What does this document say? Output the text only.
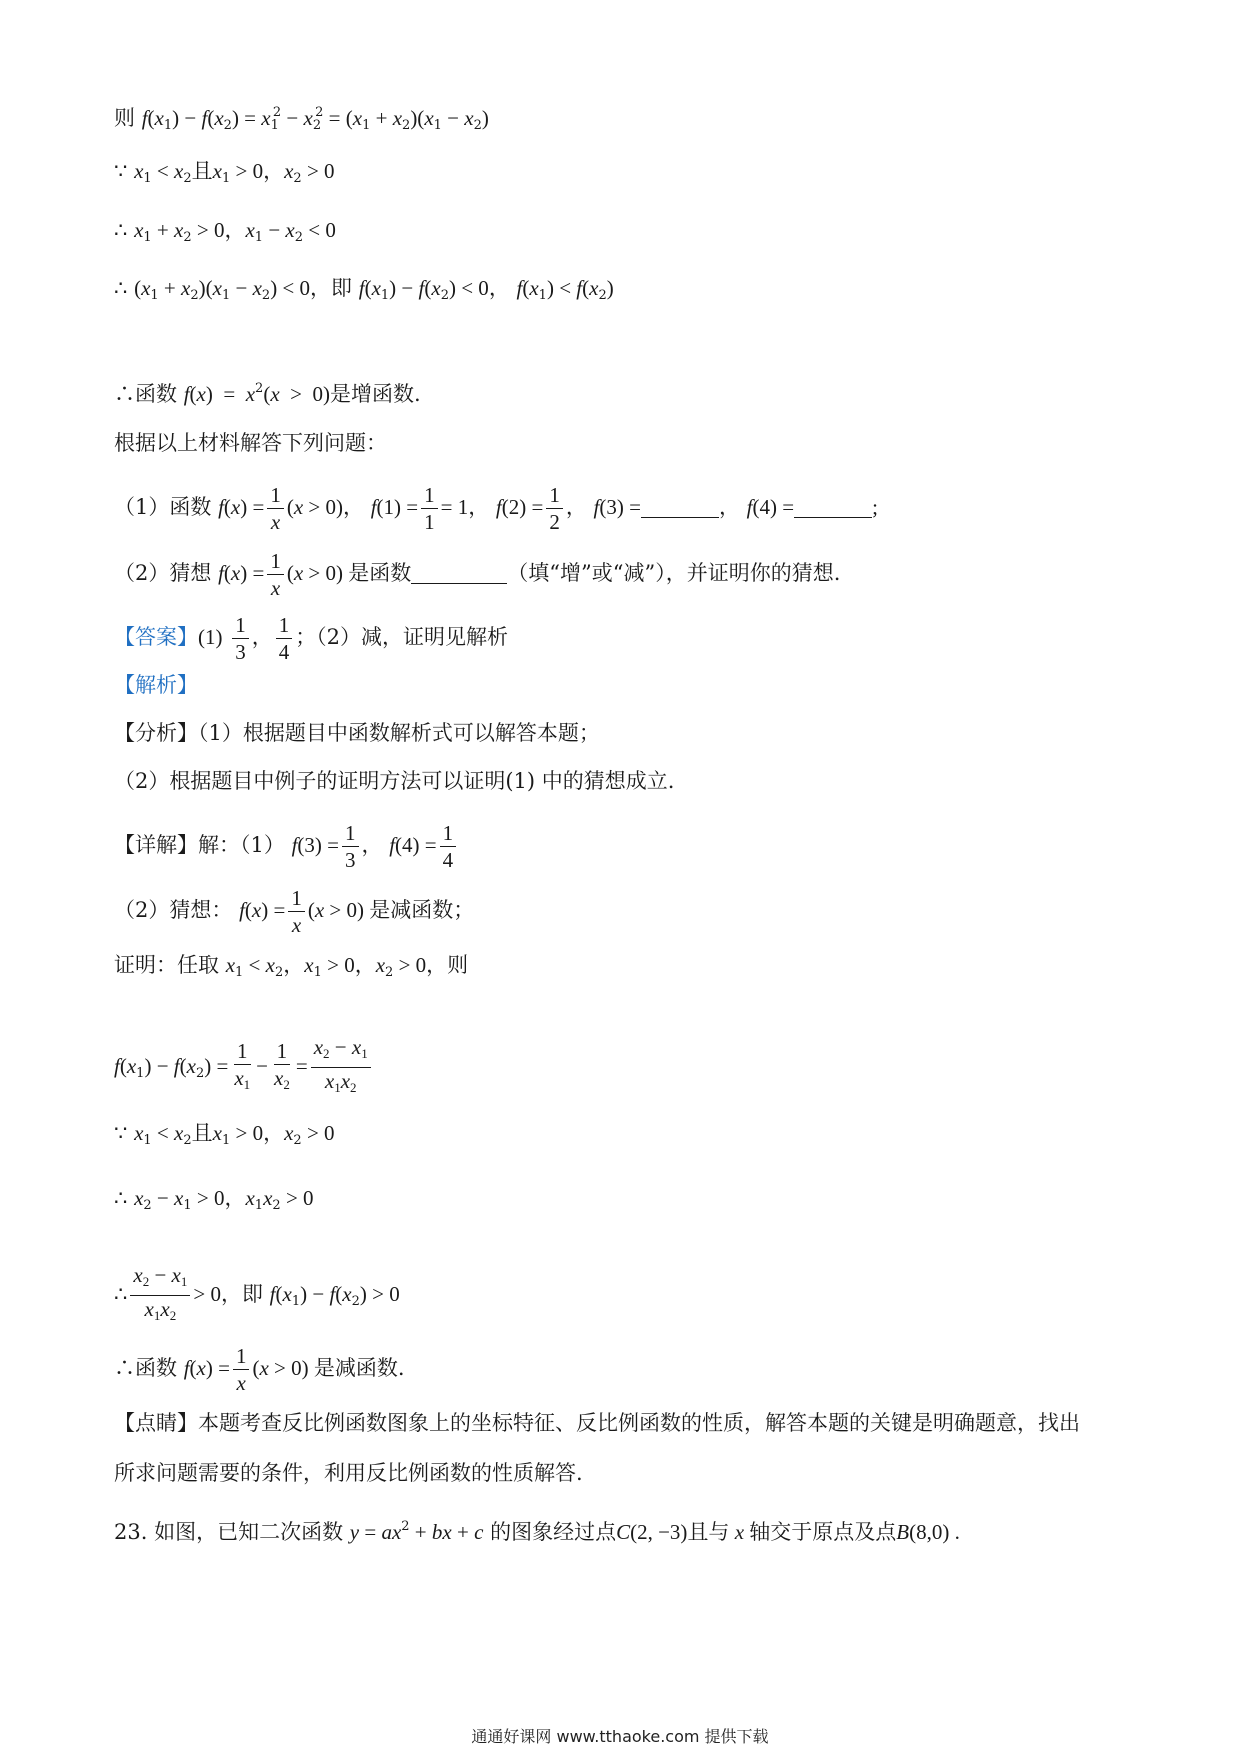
则 $f(x_1) - f(x_2) = x_1^2 - x_2^2 = (x_1 + x_2)(x_1 - x_2)$
∵ $x_1 < x_2$且$x_1 > 0$，$x_2 > 0$
∴ $x_1 + x_2 > 0$，$x_1 - x_2 < 0$
∴ $(x_1 + x_2)(x_1 - x_2) < 0$，即 $f(x_1) - f(x_2) < 0$， $f(x_1) < f(x_2)$
∴函数 $f(x) = x^2(x > 0)$是增函数.
根据以上材料解答下列问题：
（1）函数 $f(x) = \frac{1}{x} (x > 0)$， $f(1) = \frac{1}{1} = 1$， $f(2) = \frac{1}{2}$ ， f(3) =	， f(4) =	;
（2）猜想 $f(x) = \frac{1}{x} (x > 0)$ 是函数	（填“增”或“减”），并证明你的猜想.
【答案】$(1) \frac{1}{3}$ ， $\frac{1}{4}$ ；（2）减，证明见解析
【解析】
【分析】（1）根据题目中函数解析式可以解答本题；
（2）根据题目中例子的证明方法可以证明(1) 中的猜想成立.
【详解】解：（1） $f(3) = \frac{1}{3}$ ， $f(4) = \frac{1}{4}$
（2）猜想： $f(x) = \frac{1}{x} (x > 0)$ 是减函数；
证明：任取 $x_1 < x_2$，$x_1 > 0$，$x_2 > 0$，则
$f(x_1) - f(x_2) = \frac{1}{x_1} - \frac{1}{x_2} = \frac{x_2 - x_1}{x_1x_2}$
∵ $x_1 < x_2$且$x_1 > 0$，$x_2 > 0$
∴ $x_2 - x_1 > 0$，$x_1x_2 > 0$
∴ $\frac{x_2 - x_1}{x_1x_2} > 0$，即 $f(x_1) - f(x_2) > 0$
∴函数 $f(x) = \frac{1}{x} (x > 0)$ 是减函数.
【点睛】本题考查反比例函数图象上的坐标特征、反比例函数的性质，解答本题的关键是明确题意，找出
所求问题需要的条件，利用反比例函数的性质解答.
23. 如图，已知二次函数 $y = ax^2$ + bx + c 的图象经过点C(2, −3)且与 x 轴交于原点及点B(8,0) .
通通好课网 www.tthaoke.com 提供下载
